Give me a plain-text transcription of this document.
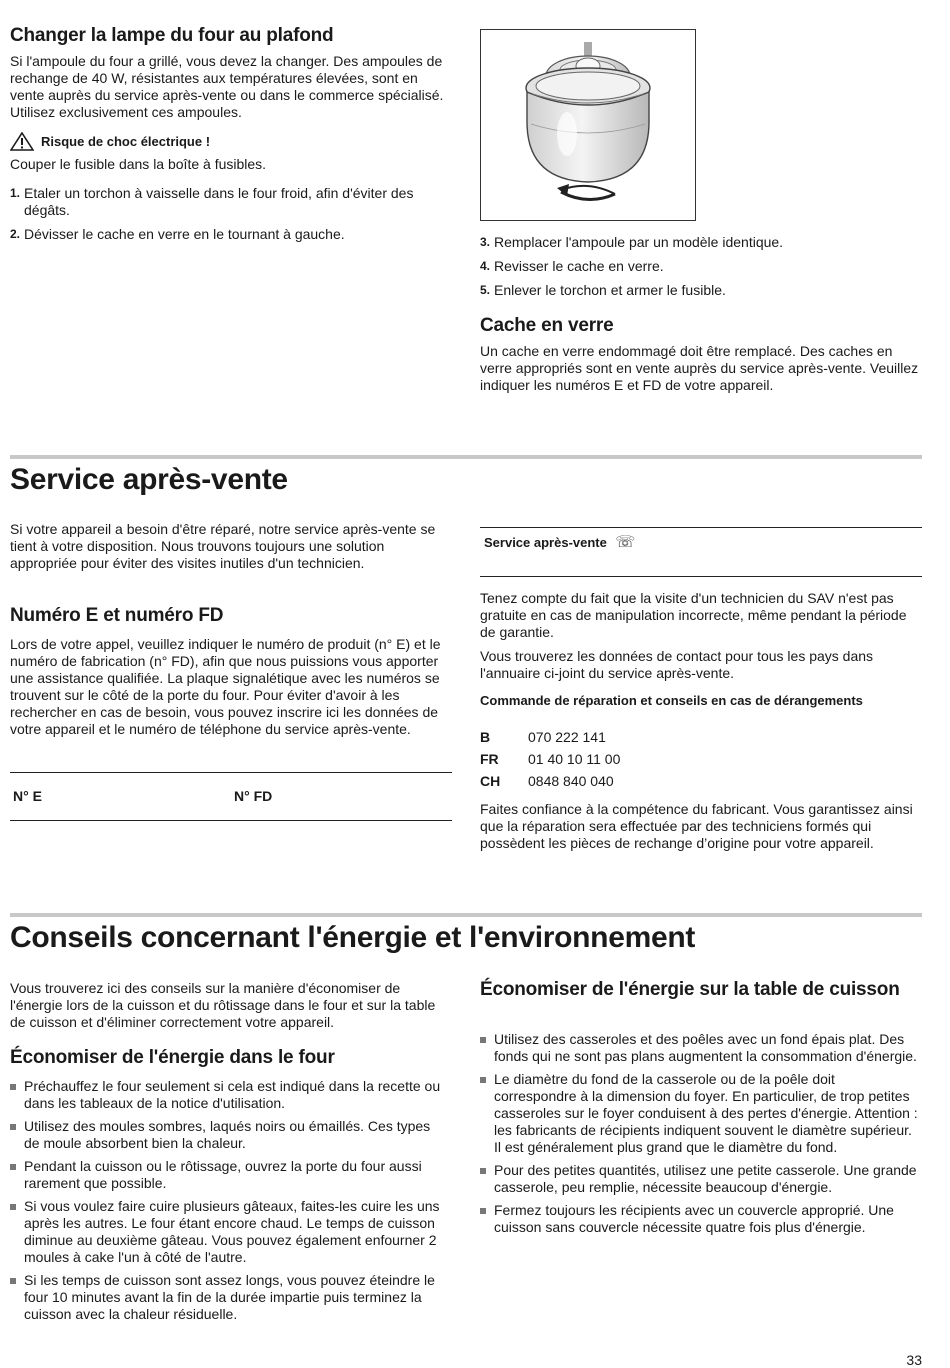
Changer la lampe du four au plafond

Si l'ampoule du four a grillé, vous devez la changer. Des ampoules de rechange de 40 W, résistantes aux températures élevées, sont en vente auprès du service après-vente ou dans le commerce spécialisé. Utilisez exclusivement ces ampoules.

Risque de choc électrique !

Couper le fusible dans la boîte à fusibles.

1. Etaler un torchon à vaisselle dans le four froid, afin d'éviter des dégâts.
2. Dévisser le cache en verre en le tournant à gauche.	3. Remplacer l'ampoule par un modèle identique.
4. Revisser le cache en verre.
5. Enlever le torchon et armer le fusible.
Cache en verre

Un cache en verre endommagé doit être remplacé. Des caches en verre appropriés sont en vente auprès du service après-vente. Veuillez indiquer les numéros E et FD de votre appareil.

Service après-vente

Si votre appareil a besoin d'être réparé, notre service après-vente se tient à votre disposition. Nous trouvons toujours une solution appropriée pour éviter des visites inutiles d'un technicien.

Numéro E et numéro FD

Lors de votre appel, veuillez indiquer le numéro de produit (n° E) et le numéro de fabrication (n° FD), afin que nous puissions vous apporter une assistance qualifiée. La plaque signalétique avec les numéros se trouvent sur le côté de la porte du four. Pour éviter d'avoir à les rechercher en cas de besoin, vous pouvez inscrire ici les données de votre appareil et le numéro de téléphone du service après-vente.

N° E	N° FD
Service après-vente ☏

Tenez compte du fait que la visite d'un technicien du SAV n'est pas gratuite en cas de manipulation incorrecte, même pendant la période de garantie.

Vous trouverez les données de contact pour tous les pays dans l'annuaire ci-joint du service après-vente.

Commande de réparation et conseils en cas de dérangements

B	070 222 141
FR 01 40 10 11 00
CH 0848 840 040

Faites confiance à la compétence du fabricant. Vous garantissez ainsi que la réparation sera effectuée par des techniciens formés qui possèdent les pièces de rechange d’origine pour votre appareil.

Conseils concernant l'énergie et l'environnement

Vous trouverez ici des conseils sur la manière d'économiser de l'énergie lors de la cuisson et du rôtissage dans le four et sur la table de cuisson et d'éliminer correctement votre appareil.

Économiser de l'énergie dans le four
Préchauffez le four seulement si cela est indiqué dans la recette ou dans les tableaux de la notice d'utilisation.
Utilisez des moules sombres, laqués noirs ou émaillés. Ces types de moule absorbent bien la chaleur.
Pendant la cuisson ou le rôtissage, ouvrez la porte du four aussi rarement que possible.
Si vous voulez faire cuire plusieurs gâteaux, faites-les cuire les uns après les autres. Le four étant encore chaud. Le temps de cuisson diminue au deuxième gâteau. Vous pouvez également enfourner 2 moules à cake l'un à côté de l'autre.
Si les temps de cuisson sont assez longs, vous pouvez éteindre le four 10 minutes avant la fin de la durée impartie puis terminez la cuisson avec la chaleur résiduelle.
Économiser de l'énergie sur la table de cuisson
Utilisez des casseroles et des poêles avec un fond épais plat. Des fonds qui ne sont pas plans augmentent la consommation d'énergie.
Le diamètre du fond de la casserole ou de la poêle doit correspondre à la dimension du foyer. En particulier, de trop petites casseroles sur le foyer conduisent à des pertes d'énergie. Attention : les fabricants de récipients indiquent souvent le diamètre supérieur. Il est généralement plus grand que le diamètre du fond.
Pour des petites quantités, utilisez une petite casserole. Une grande casserole, peu remplie, nécessite beaucoup d'énergie.
Fermez toujours les récipients avec un couvercle approprié. Une cuisson sans couvercle nécessite quatre fois plus d'énergie.
33
